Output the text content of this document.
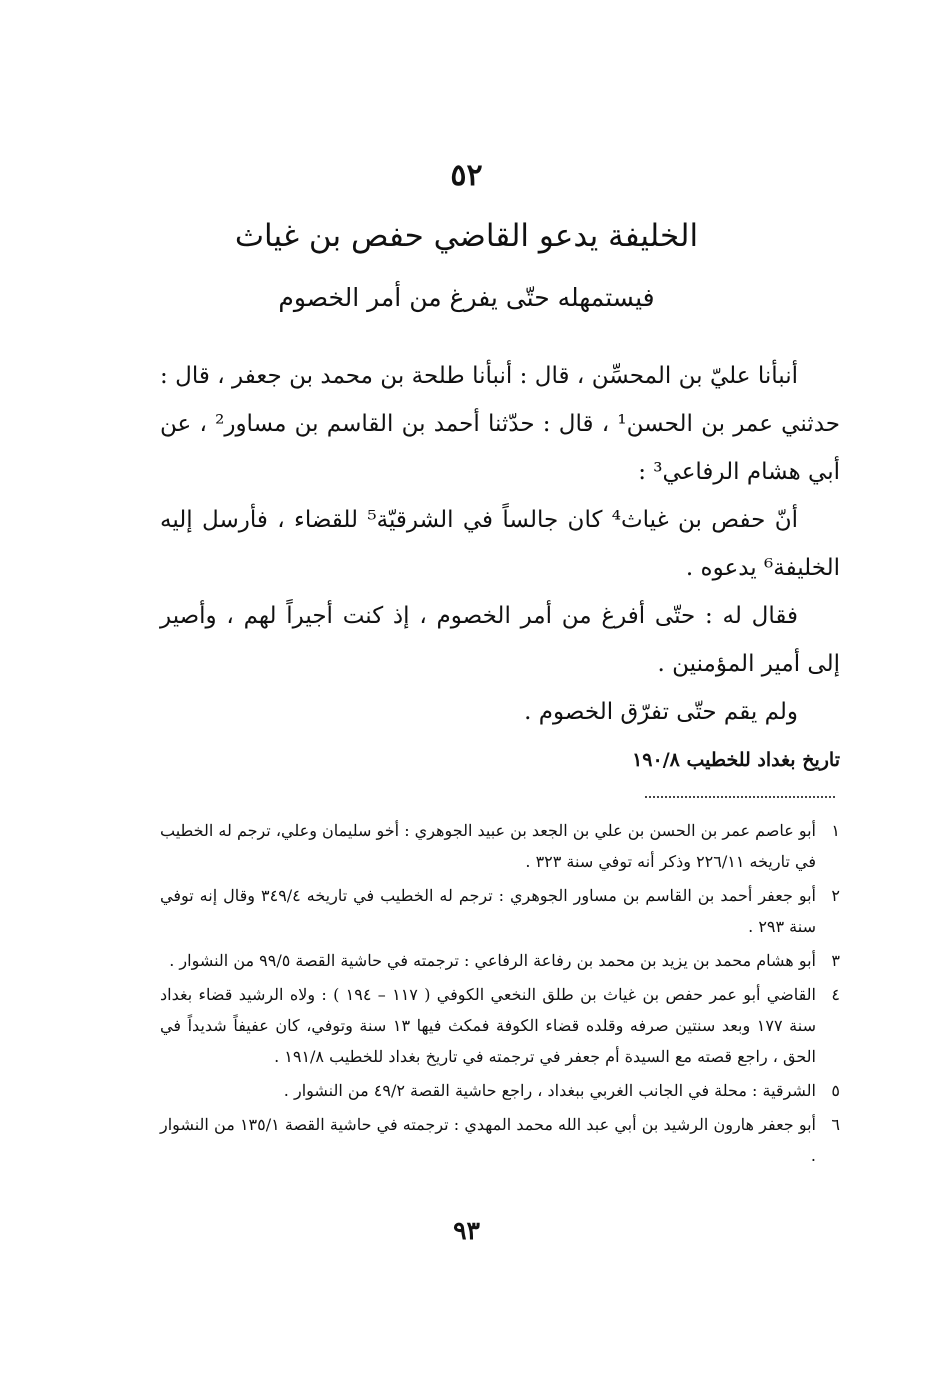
٥٢
الخليفة يدعو القاضي حفص بن غياث
فيستمهله حتّى يفرغ من أمر الخصوم

أنبأنا عليّ بن المحسِّن ، قال : أنبأنا طلحة بن محمد بن جعفر ، قال : حدثني عمر بن الحسن¹ ، قال : حدّثنا أحمد بن القاسم بن مساور² ، عن أبي هشام الرفاعي³ :

أنّ حفص بن غياث⁴ كان جالساً في الشرقيّة⁵ للقضاء ، فأرسل إليه الخليفة⁶ يدعوه .

فقال له : حتّى أفرغ من أمر الخصوم ، إذ كنت أجيراً لهم ، وأصير إلى أمير المؤمنين .

ولم يقم حتّى تفرّق الخصوم .

تاريخ بغداد للخطيب ١٩٠/٨
١
أبو عاصم عمر بن الحسن بن علي بن الجعد بن عبيد الجوهري : أخو سليمان وعلي، ترجم له الخطيب في تاريخه ٢٢٦/١١ وذكر أنه توفي سنة ٣٢٣ .
٢
أبو جعفر أحمد بن القاسم بن مساور الجوهري : ترجم له الخطيب في تاريخه ٣٤٩/٤ وقال إنه توفي سنة ٢٩٣ .
٣
أبو هشام محمد بن يزيد بن محمد بن رفاعة الرفاعي : ترجمته في حاشية القصة ٩٩/٥ من النشوار .
٤
القاضي أبو عمر حفص بن غياث بن طلق النخعي الكوفي ( ١١٧ – ١٩٤ ) : ولاه الرشيد قضاء بغداد سنة ١٧٧ وبعد سنتين صرفه وقلده قضاء الكوفة فمكث فيها ١٣ سنة وتوفي، كان عفيفاً شديداً في الحق ، راجع قصته مع السيدة أم جعفر في ترجمته في تاريخ بغداد للخطيب ١٩١/٨ .
٥
الشرقية : محلة في الجانب الغربي ببغداد ، راجع حاشية القصة ٤٩/٢ من النشوار .
٦
أبو جعفر هارون الرشيد بن أبي عبد الله محمد المهدي : ترجمته في حاشية القصة ١٣٥/١ من النشوار .
٩٣
